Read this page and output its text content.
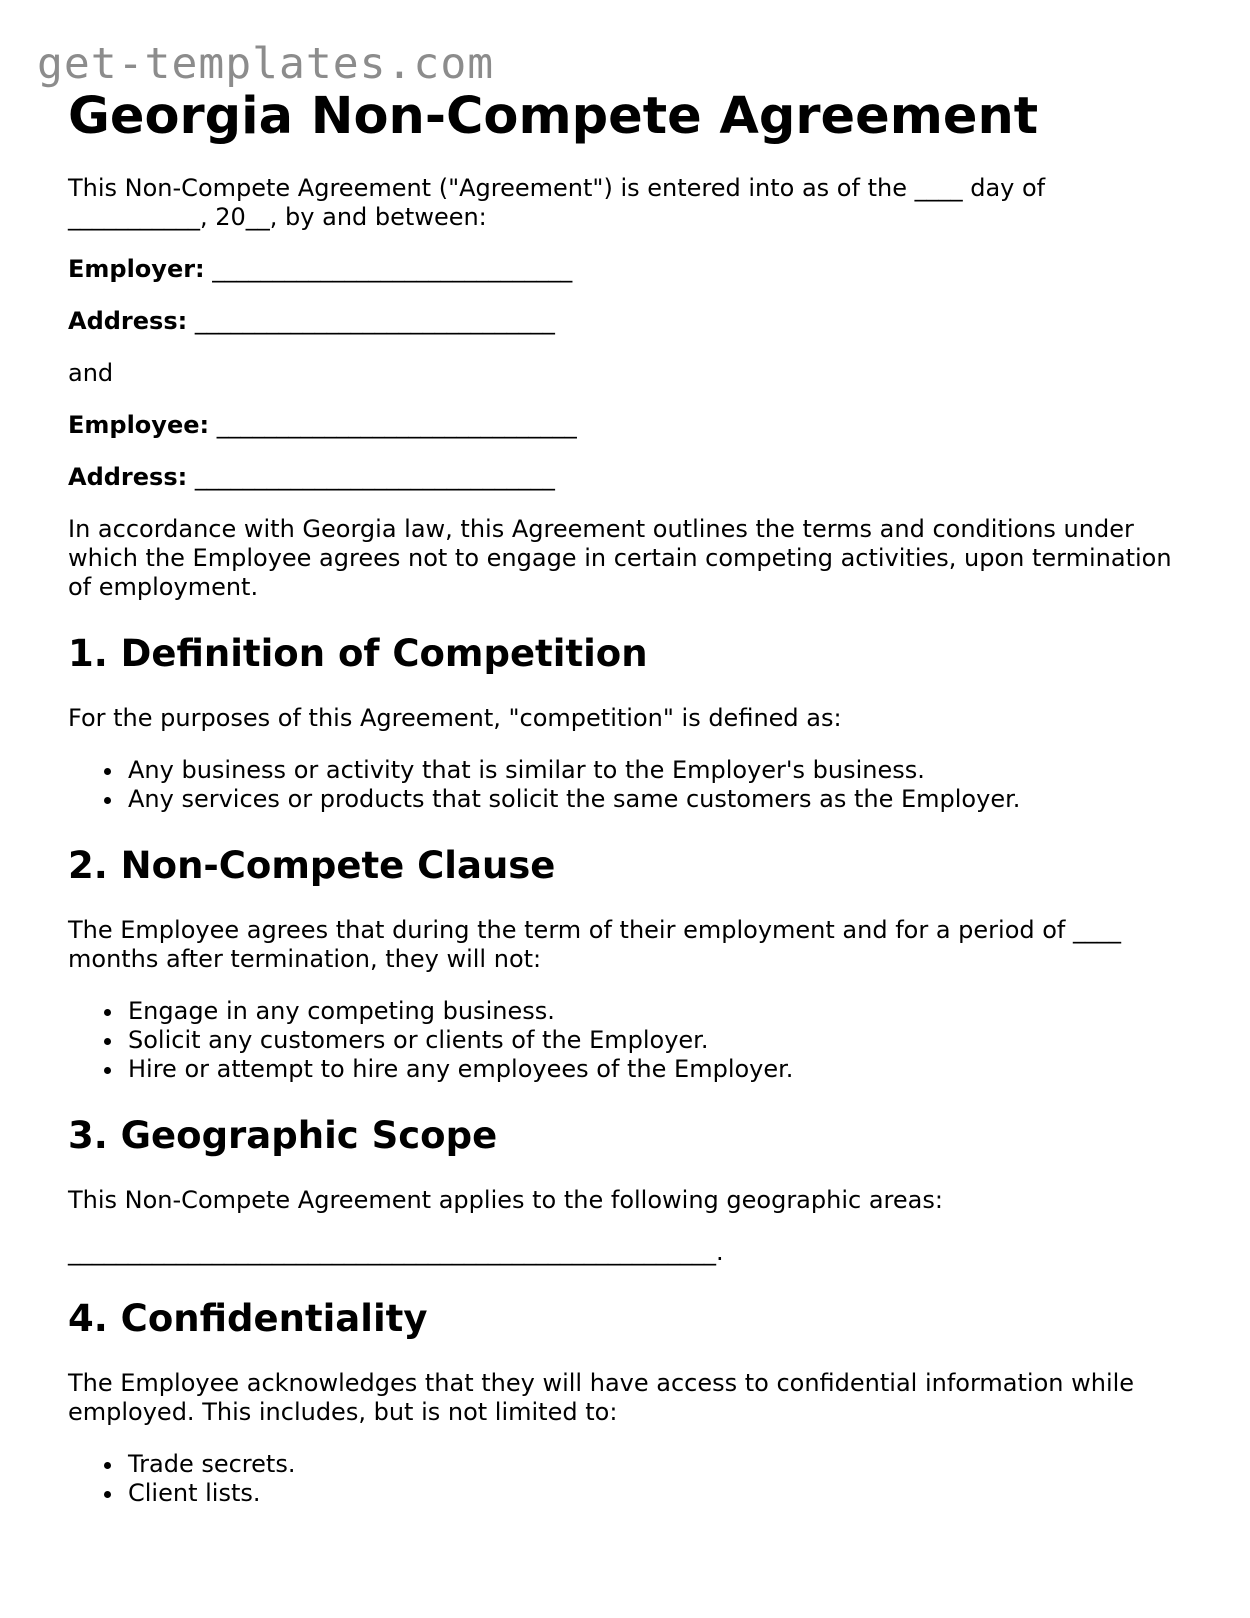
get-templates.com
Georgia Non-Compete Agreement

This Non-Compete Agreement ("Agreement") is entered into as of the ____ day of ___________, 20__, by and between:

Employer: ______________________________

Address: ______________________________

and

Employee: ______________________________

Address: ______________________________

In accordance with Georgia law, this Agreement outlines the terms and conditions under which the Employee agrees not to engage in certain competing activities, upon termination of employment.

1. Definition of Competition

For the purposes of this Agreement, "competition" is defined as:

Any business or activity that is similar to the Employer's business.
Any services or products that solicit the same customers as the Employer.
2. Non-Compete Clause

The Employee agrees that during the term of their employment and for a period of ____ months after termination, they will not:

Engage in any competing business.
Solicit any customers or clients of the Employer.
Hire or attempt to hire any employees of the Employer.
3. Geographic Scope

This Non-Compete Agreement applies to the following geographic areas:

______________________________________________________.

4. Confidentiality

The Employee acknowledges that they will have access to confidential information while employed. This includes, but is not limited to:

Trade secrets.
Client lists.
